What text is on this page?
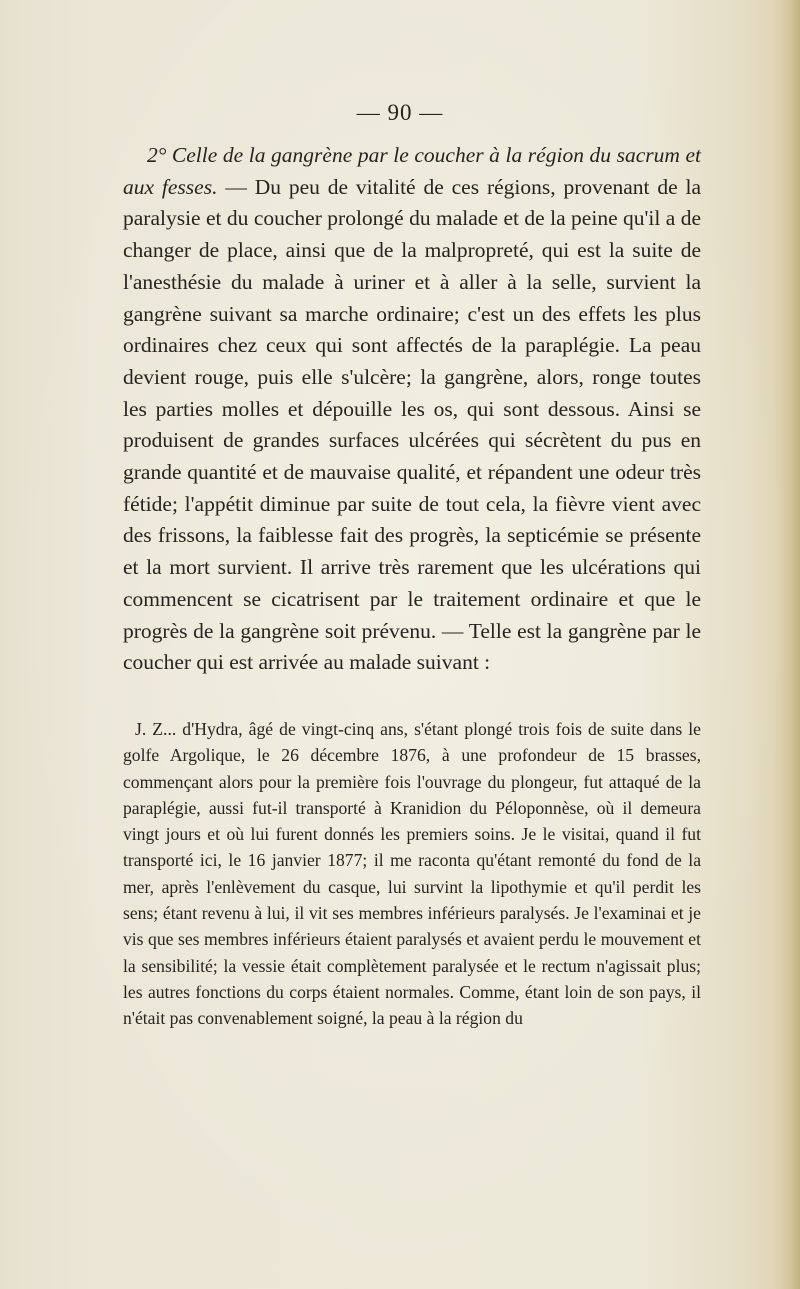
— 90 —

2° Celle de la gangrène par le coucher à la région du sacrum et aux fesses. — Du peu de vitalité de ces régions, provenant de la paralysie et du coucher prolongé du malade et de la peine qu'il a de changer de place, ainsi que de la malpropreté, qui est la suite de l'anesthésie du malade à uriner et à aller à la selle, survient la gangrène suivant sa marche ordinaire; c'est un des effets les plus ordinaires chez ceux qui sont affectés de la paraplégie. La peau devient rouge, puis elle s'ulcère; la gangrène, alors, ronge toutes les parties molles et dépouille les os, qui sont dessous. Ainsi se produisent de grandes surfaces ulcérées qui sécrètent du pus en grande quantité et de mauvaise qualité, et répandent une odeur très fétide; l'appétit diminue par suite de tout cela, la fièvre vient avec des frissons, la faiblesse fait des progrès, la septicémie se présente et la mort survient. Il arrive très rarement que les ulcérations qui commencent se cicatrisent par le traitement ordinaire et que le progrès de la gangrène soit prévenu. — Telle est la gangrène par le coucher qui est arrivée au malade suivant :

J. Z... d'Hydra, âgé de vingt-cinq ans, s'étant plongé trois fois de suite dans le golfe Argolique, le 26 décembre 1876, à une profondeur de 15 brasses, commençant alors pour la première fois l'ouvrage du plongeur, fut attaqué de la paraplégie, aussi fut-il transporté à Kranidion du Péloponnèse, où il demeura vingt jours et où lui furent donnés les premiers soins. Je le visitai, quand il fut transporté ici, le 16 janvier 1877; il me raconta qu'étant remonté du fond de la mer, après l'enlèvement du casque, lui survint la lipothymie et qu'il perdit les sens; étant revenu à lui, il vit ses membres inférieurs paralysés. Je l'examinai et je vis que ses membres inférieurs étaient paralysés et avaient perdu le mouvement et la sensibilité; la vessie était complètement paralysée et le rectum n'agissait plus; les autres fonctions du corps étaient normales. Comme, étant loin de son pays, il n'était pas convenablement soigné, la peau à la région du
